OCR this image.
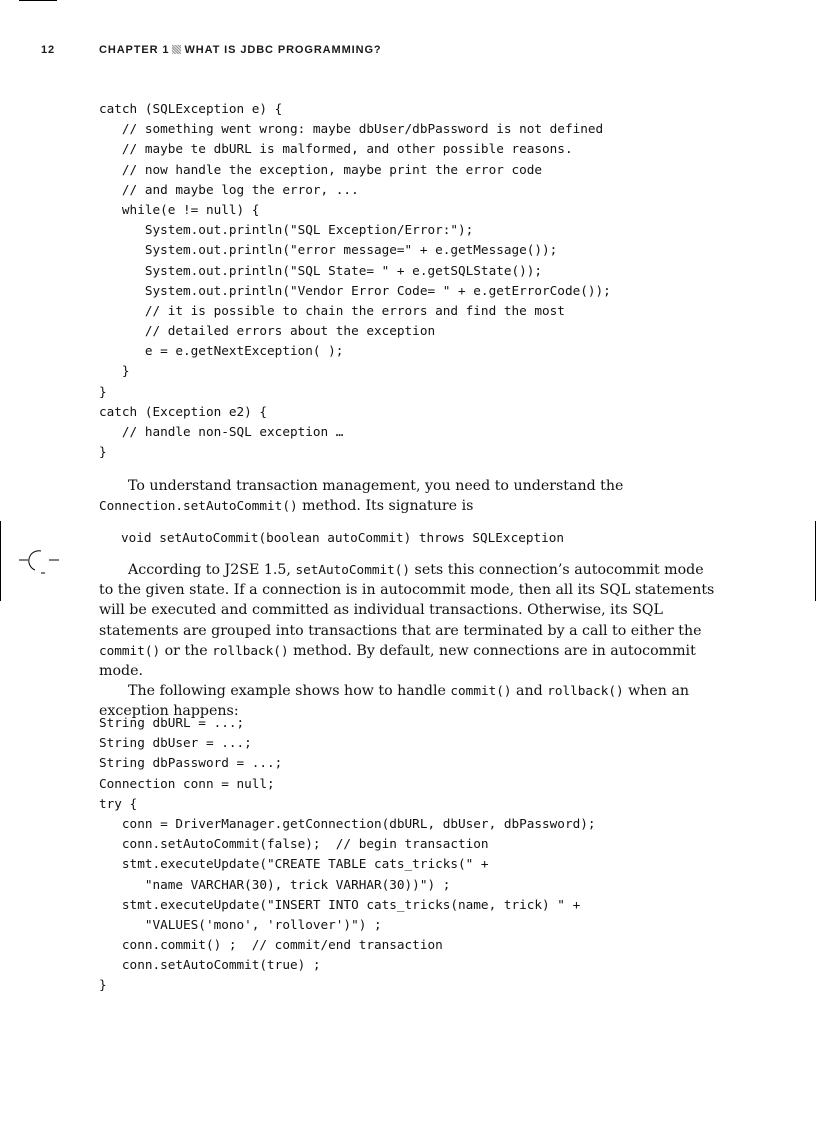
12	CHAPTER 1 WHAT IS JDBC PROGRAMMING?
catch (SQLException e) {
// something went wrong: maybe dbUser/dbPassword is not defined
// maybe te dbURL is malformed, and other possible reasons.
// now handle the exception, maybe print the error code
// and maybe log the error, ...
while(e != null) {
System.out.println("SQL Exception/Error:");
System.out.println("error message=" + e.getMessage());
System.out.println("SQL State= " + e.getSQLState());
System.out.println("Vendor Error Code= " + e.getErrorCode());
// it is possible to chain the errors and find the most
// detailed errors about the exception
e = e.getNextException( );
}
}
catch (Exception e2) {
// handle non-SQL exception …
}

To understand transaction management, you need to understand the
Connection.setAutoCommit() method. Its signature is

void setAutoCommit(boolean autoCommit) throws SQLException

According to J2SE 1.5, setAutoCommit() sets this connection’s autocommit mode to the given state. If a connection is in autocommit mode, then all its SQL statements will be executed and committed as individual transactions. Otherwise, its SQL statements are grouped into transactions that are terminated by a call to either the commit() or the rollback() method. By default, new connections are in autocommit mode.

The following example shows how to handle commit() and rollback() when an exception happens:

String dbURL = ...;
String dbUser = ...;
String dbPassword = ...;
Connection conn = null;
try {
conn = DriverManager.getConnection(dbURL, dbUser, dbPassword);
conn.setAutoCommit(false);  // begin transaction
stmt.executeUpdate("CREATE TABLE cats_tricks(" +
"name VARCHAR(30), trick VARHAR(30))") ;
stmt.executeUpdate("INSERT INTO cats_tricks(name, trick) " +
"VALUES('mono', 'rollover')") ;
conn.commit() ;  // commit/end transaction
conn.setAutoCommit(true) ;
}
